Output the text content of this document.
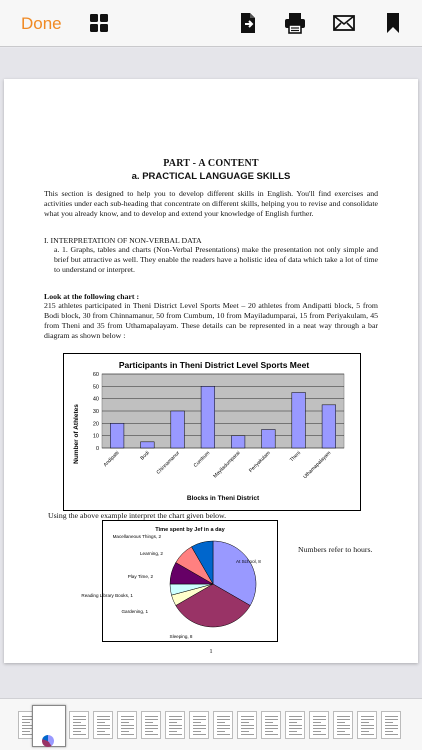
Done
PART - A CONTENT
a. PRACTICAL LANGUAGE SKILLS
This section is designed to help you to develop different skills in English. You'll find exercises and activities under each sub-heading that concentrate on different skills, helping you to revise and consolidate what you already know, and to develop and extend your knowledge of English further.
I. INTERPRETATION OF NON-VERBAL DATA
a. 1. Graphs, tables and charts (Non-Verbal Presentations) make the presentation not only simple and brief but attractive as well. They enable the readers have a holistic idea of data which take a lot of time to understand or interpret.
Look at the following chart :
215 athletes participated in Theni District Level Sports Meet – 20 athletes from Andipatti block, 5 from Bodi block, 30 from Chinnamanur, 50 from Cumbum, 10 from Mayiladumparai, 15 from Periyakulam, 45 from Theni and 35 from Uthamapalayam. These details can be represented in a neat way through a bar diagram as shown below :
Participants in Theni District Level Sports Meet
Number of Athletes
Blocks in Theni District
0
10
20
30
40
50
60
Andipatti	Bodi Chinnamanur Cumbum Mayiladumparai Periyakulam	Theni Uthamapalayam
Using the above example interpret the chart given below.
Time spent by Jef in a day
At School, 8
Sleeping, 8
Gardening, 1
Reading Library Books, 1
Play Time, 2
Learning, 2
Macellaneous Things, 2
Numbers refer to hours.
1
